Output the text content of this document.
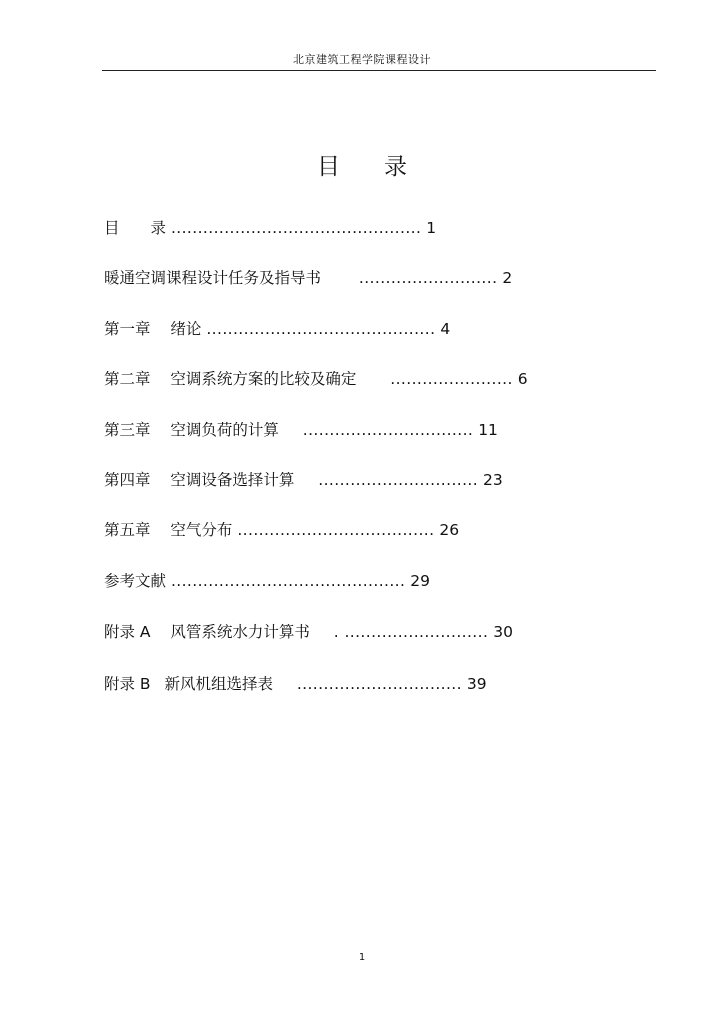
北京建筑工程学院课程设计
目 录
目　　录 ............................................... 1
暖通空调课程设计任务及指导书 .......................... 2
第一章 绪论 ........................................... 4
第二章 空调系统方案的比较及确定 ....................... 6
第三章 空调负荷的计算 ................................ 11
第四章 空调设备选择计算 .............................. 23
第五章 空气分布 ..................................... 26
参考文献 ............................................ 29
附录 A 风管系统水力计算书 . ........................... 30
附录 B 新风机组选择表 ............................... 39
1
